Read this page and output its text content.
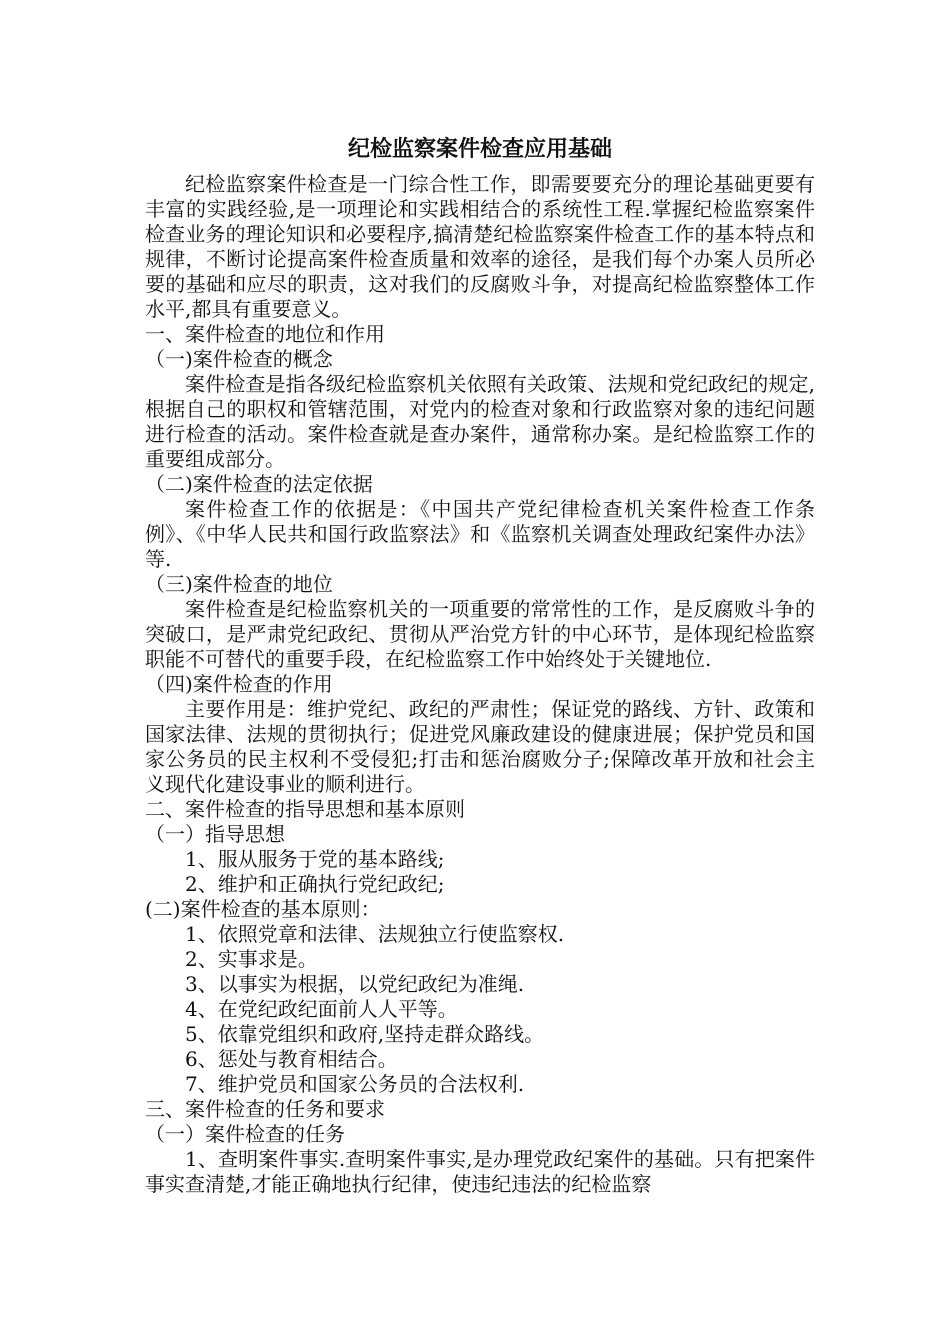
纪检监察案件检查应用基础

纪检监察案件检查是一门综合性工作，即需要要充分的理论基础更要有丰富的实践经验,是一项理论和实践相结合的系统性工程.掌握纪检监察案件检查业务的理论知识和必要程序,搞清楚纪检监察案件检查工作的基本特点和规律，不断讨论提高案件检查质量和效率的途径，是我们每个办案人员所必要的基础和应尽的职责，这对我们的反腐败斗争，对提高纪检监察整体工作水平,都具有重要意义。

一、案件检查的地位和作用

（一)案件检查的概念

案件检查是指各级纪检监察机关依照有关政策、法规和党纪政纪的规定,根据自己的职权和管辖范围，对党内的检查对象和行政监察对象的违纪问题进行检查的活动。案件检查就是查办案件，通常称办案。是纪检监察工作的重要组成部分。

（二)案件检查的法定依据

案件检查工作的依据是：《中国共产党纪律检查机关案件检查工作条例》、《中华人民共和国行政监察法》和《监察机关调查处理政纪案件办法》等.

（三)案件检查的地位

案件检查是纪检监察机关的一项重要的常常性的工作，是反腐败斗争的突破口，是严肃党纪政纪、贯彻从严治党方针的中心环节，是体现纪检监察职能不可替代的重要手段，在纪检监察工作中始终处于关键地位.

（四)案件检查的作用

主要作用是：维护党纪、政纪的严肃性；保证党的路线、方针、政策和国家法律、法规的贯彻执行；促进党风廉政建设的健康进展；保护党员和国家公务员的民主权利不受侵犯;打击和惩治腐败分子;保障改革开放和社会主义现代化建设事业的顺利进行。

二、案件检查的指导思想和基本原则

（一）指导思想

1、服从服务于党的基本路线;

2、维护和正确执行党纪政纪;

(二)案件检查的基本原则：

1、依照党章和法律、法规独立行使监察权.

2、实事求是。

3、以事实为根据，以党纪政纪为准绳.

4、在党纪政纪面前人人平等。

5、依靠党组织和政府,坚持走群众路线。

6、惩处与教育相结合。

7、维护党员和国家公务员的合法权利.

三、案件检查的任务和要求

（一）案件检查的任务

1、查明案件事实.查明案件事实,是办理党政纪案件的基础。只有把案件事实查清楚,才能正确地执行纪律，使违纪违法的纪检监察
